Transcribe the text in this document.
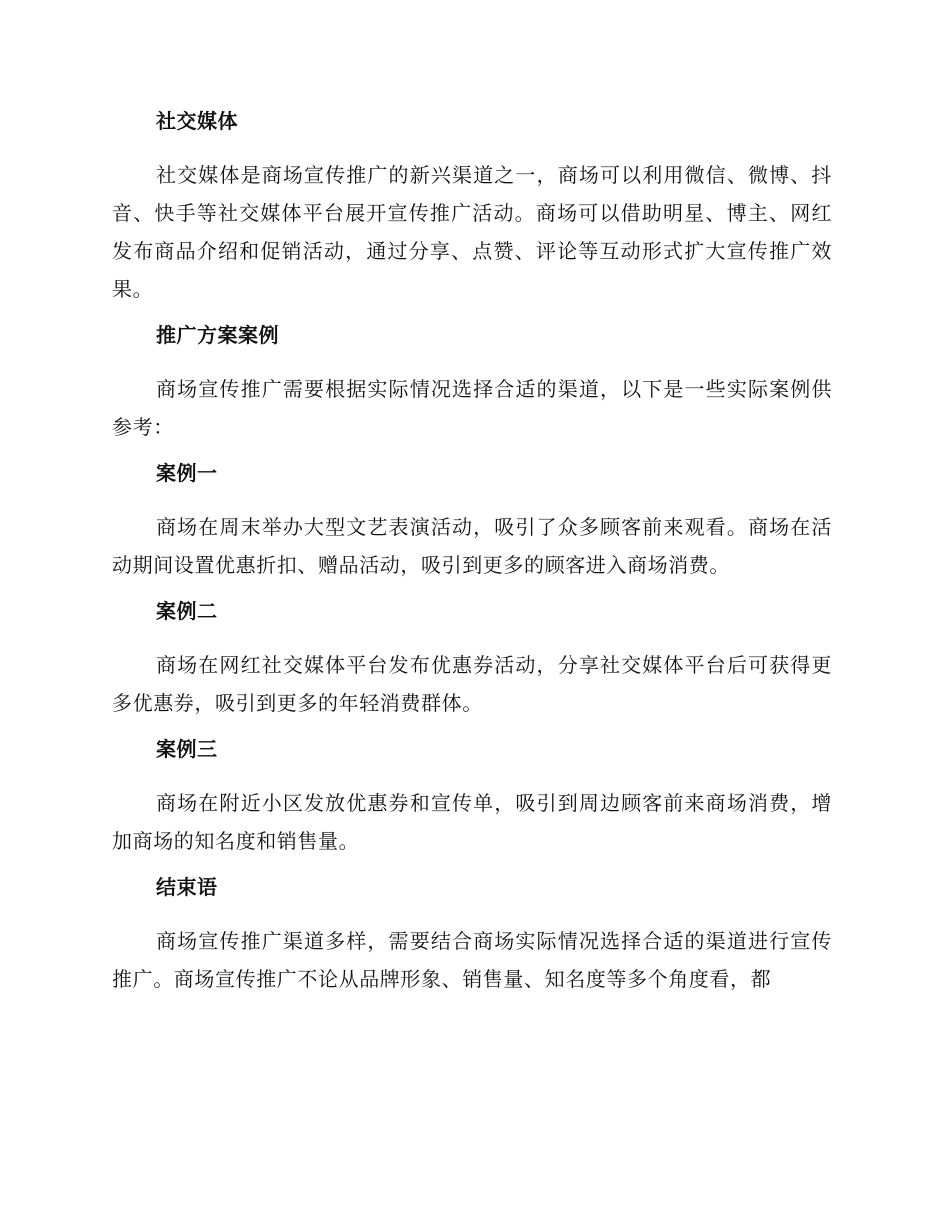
社交媒体

社交媒体是商场宣传推广的新兴渠道之一，商场可以利用微信、微博、抖音、快手等社交媒体平台展开宣传推广活动。商场可以借助明星、博主、网红发布商品介绍和促销活动，通过分享、点赞、评论等互动形式扩大宣传推广效果。

推广方案案例

商场宣传推广需要根据实际情况选择合适的渠道，以下是一些实际案例供参考：

案例一

商场在周末举办大型文艺表演活动，吸引了众多顾客前来观看。商场在活动期间设置优惠折扣、赠品活动，吸引到更多的顾客进入商场消费。

案例二

商场在网红社交媒体平台发布优惠券活动，分享社交媒体平台后可获得更多优惠券，吸引到更多的年轻消费群体。

案例三

商场在附近小区发放优惠券和宣传单，吸引到周边顾客前来商场消费，增加商场的知名度和销售量。

结束语

商场宣传推广渠道多样，需要结合商场实际情况选择合适的渠道进行宣传推广。商场宣传推广不论从品牌形象、销售量、知名度等多个角度看，都
